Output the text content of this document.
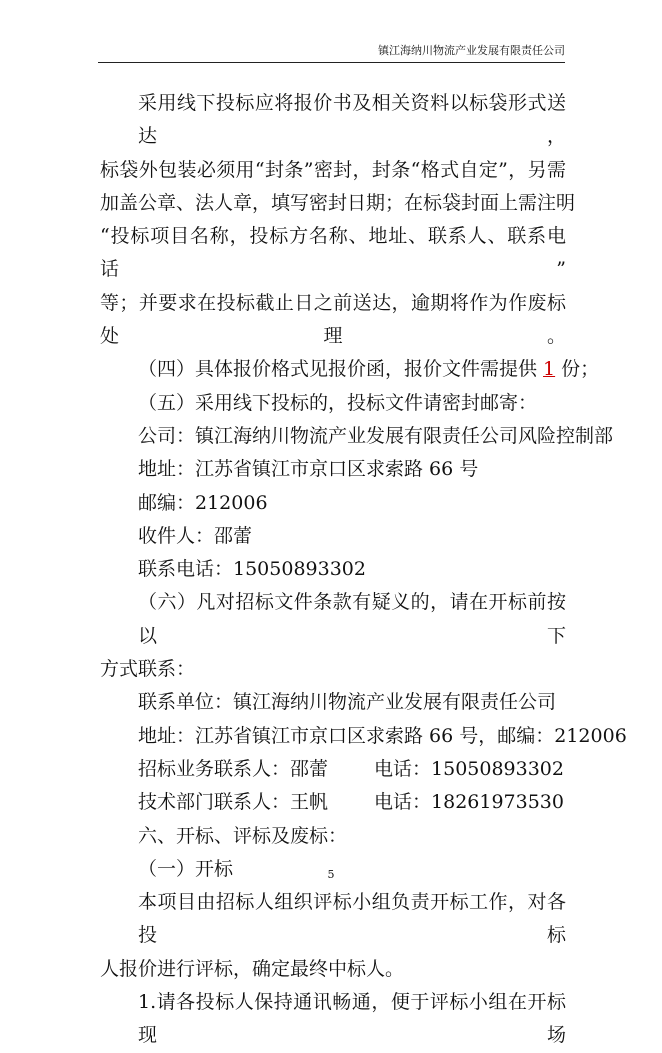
镇江海纳川物流产业发展有限责任公司
采用线下投标应将报价书及相关资料以标袋形式送达，
标袋外包装必须用“封条”密封，封条“格式自定”，另需
加盖公章、法人章，填写密封日期；在标袋封面上需注明
“投标项目名称，投标方名称、地址、联系人、联系电话”
等；并要求在投标截止日之前送达，逾期将作为作废标处理。
（四）具体报价格式见报价函，报价文件需提供 1 份；
（五）采用线下投标的，投标文件请密封邮寄：
公司：镇江海纳川物流产业发展有限责任公司风险控制部
地址：江苏省镇江市京口区求索路 66 号
邮编：212006
收件人：邵蕾
联系电话：15050893302
（六）凡对招标文件条款有疑义的，请在开标前按以下
方式联系：
联系单位：镇江海纳川物流产业发展有限责任公司
地址：江苏省镇江市京口区求索路 66 号，邮编：212006
招标业务联系人：邵蕾 电话：15050893302
技术部门联系人：王帆 电话：18261973530
六、开标、评标及废标：
（一）开标
本项目由招标人组织评标小组负责开标工作，对各投标
人报价进行评标，确定最终中标人。
1.请各投标人保持通讯畅通，便于评标小组在开标现场
5
